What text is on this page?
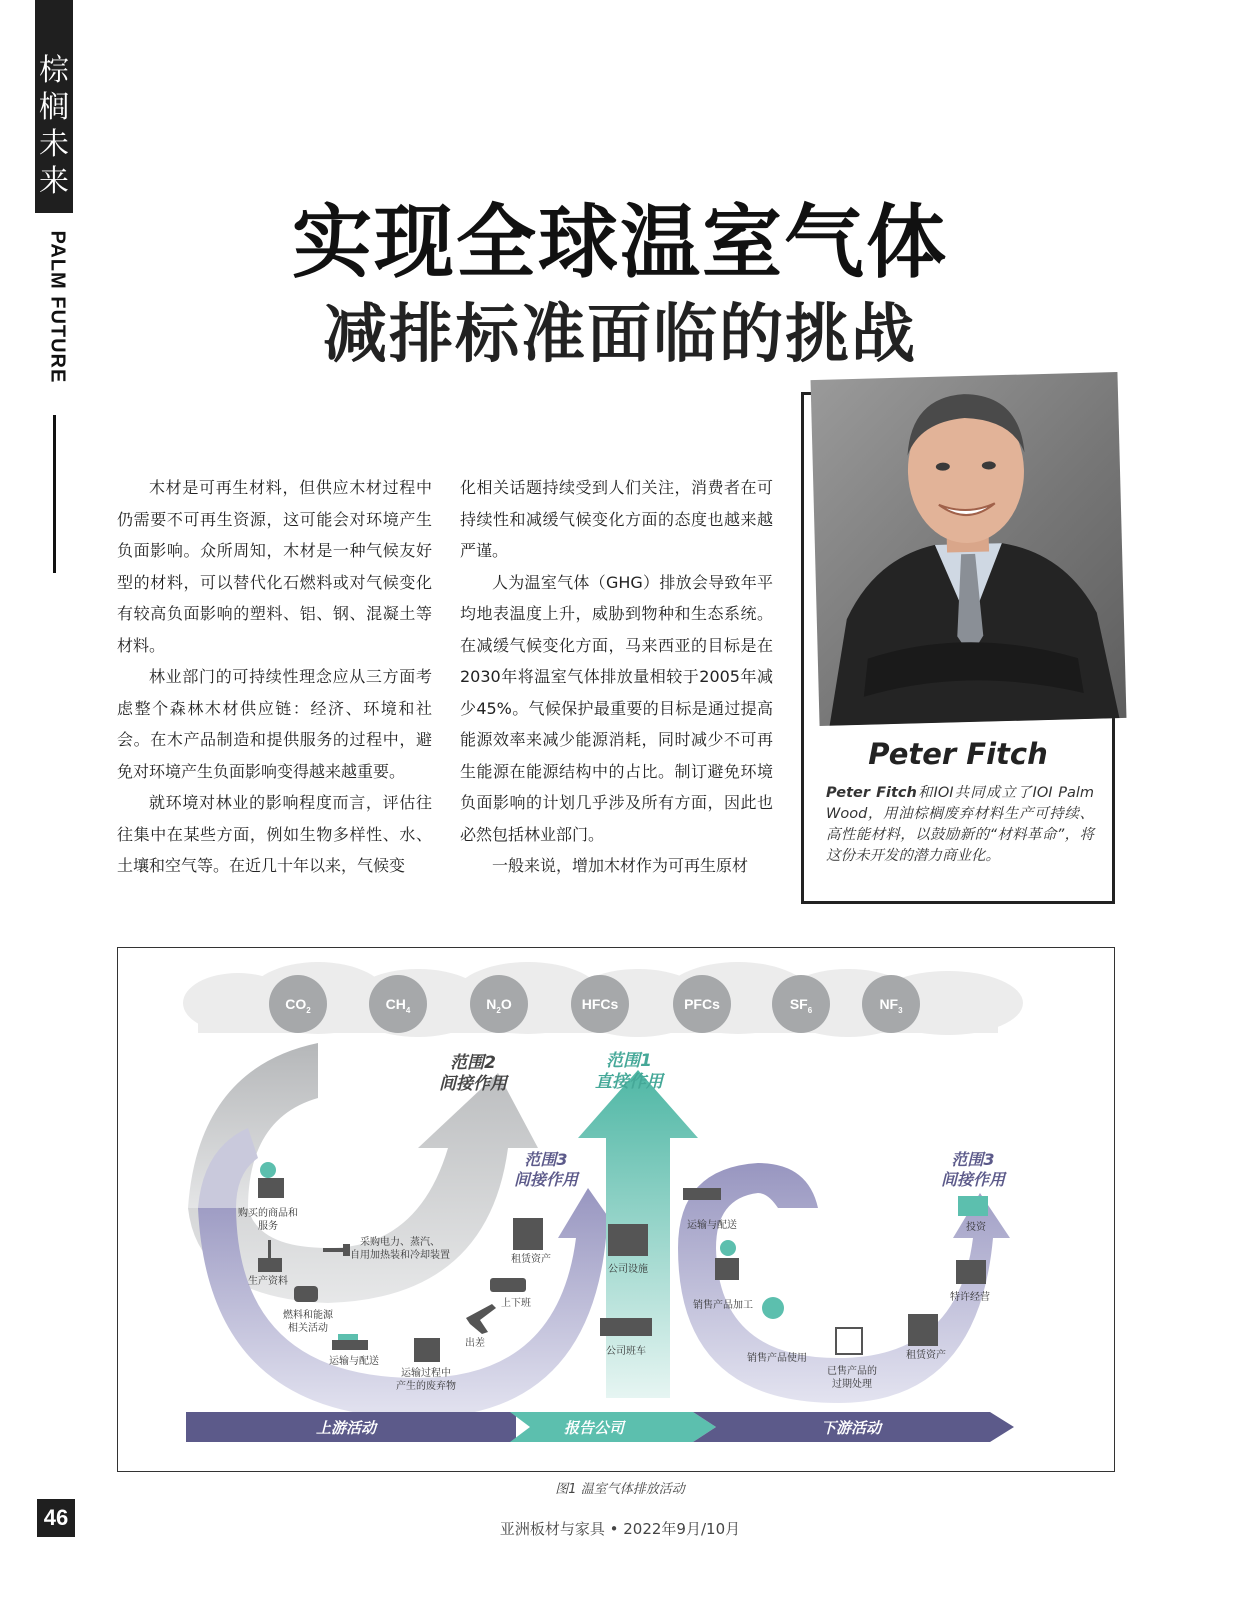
棕
榈
未
来
PALM FUTURE	实现全球温室气体
减排标准面临的挑战

木材是可再生材料，但供应木材过程中仍需要不可再生资源，这可能会对环境产生负面影响。众所周知，木材是一种气候友好型的材料，可以替代化石燃料或对气候变化有较高负面影响的塑料、铝、钢、混凝土等材料。

林业部门的可持续性理念应从三方面考虑整个森林木材供应链：经济、环境和社会。在木产品制造和提供服务的过程中，避免对环境产生负面影响变得越来越重要。

就环境对林业的影响程度而言，评估往往集中在某些方面，例如生物多样性、水、土壤和空气等。在近几十年以来，气候变

化相关话题持续受到人们关注，消费者在可持续性和减缓气候变化方面的态度也越来越严谨。

人为温室气体（GHG）排放会导致年平均地表温度上升，威胁到物种和生态系统。在减缓气候变化方面，马来西亚的目标是在2030年将温室气体排放量相较于2005年减少45%。气候保护最重要的目标是通过提高能源效率来减少能源消耗，同时减少不可再生能源在能源结构中的占比。制订避免环境负面影响的计划几乎涉及所有方面，因此也必然包括林业部门。

一般来说，增加木材作为可再生原材

Peter Fitch
Peter Fitch和IOI共同成立了IOI Palm Wood，用油棕榈废弃材料生产可持续、高性能材料，以鼓励新的“材料革命”，将这份未开发的潜力商业化。
$CO_2$	$CH_4$	$N_2O$	HFCs	PFCs	$SF_6$	$NF_3$
范围2
间接作用
范围1
直接作用
范围3
间接作用
范围3
间接作用
购买的商品和
服务
生产资料
燃料和能源
相关活动
运输与配送
运输过程中
产生的废弃物
出差
上下班
租赁资产
采购电力、蒸汽、
自用加热装和冷却装置
公司设施
公司班车
运输与配送
销售产品加工
销售产品使用
已售产品的
过期处理
租赁资产
特许经营
投资
上游活动	报告公司	下游活动
图1 温室气体排放活动
46	亚洲板材与家具 • 2022年9月/10月
